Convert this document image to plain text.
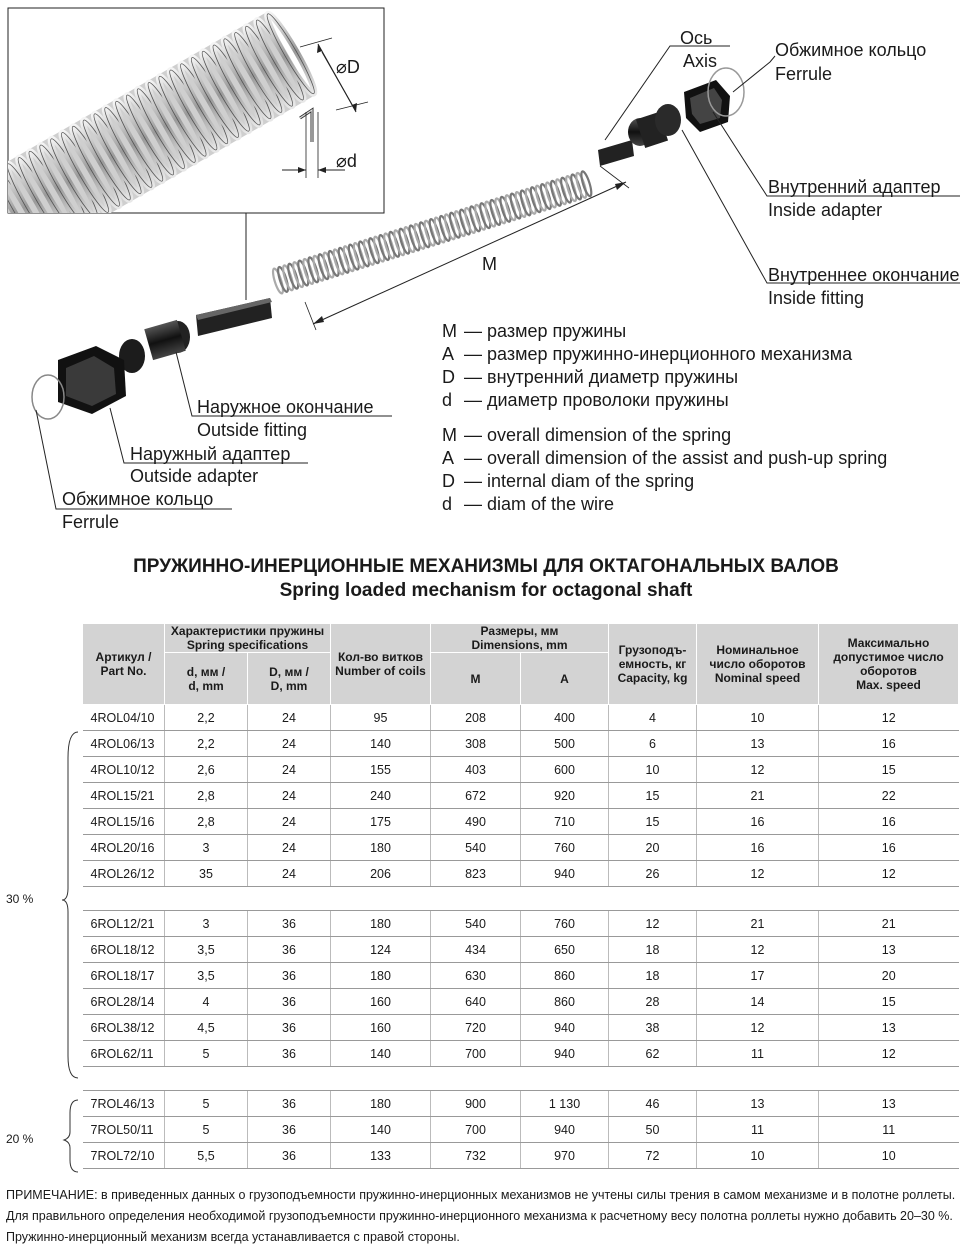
Ось
Axis
Обжимное кольцо
Ferrule
Внутренний адаптер
Inside adapter
Внутреннее окончание
Inside fitting
Наружное окончание
Outside fitting
Наружный адаптер
Outside adapter
Обжимное кольцо
Ferrule
⌀D
⌀d
M
M — размер пружины
A — размер пружинно-инерционного механизма
D — внутренний диаметр пружины
d — диаметр проволоки пружины
M — overall dimension of the spring
A — overall dimension of the assist and push-up spring
D — internal diam of the spring
d — diam of the wire
ПРУЖИННО-ИНЕРЦИОННЫЕ МЕХАНИЗМЫ ДЛЯ ОКТАГОНАЛЬНЫХ ВАЛОВ
Spring loaded mechanism for octagonal shaft
Артикул /
Part No.	Характеристики пружины
Spring specifications		Кол-во витков
Number of coils	Размеры, мм
Dimensions, mm		Грузоподъ-
емность, кг
Capacity, kg	Номинальное
число оборотов
Nominal speed	Максимально
допустимое число
оборотов
Max. speed
	d, мм /
d, mm	D, мм /
D, mm		M	A			
4ROL04/10	2,2	24	95	208	400	4	10	12
4ROL06/13	2,2	24	140	308	500	6	13	16
4ROL10/12	2,6	24	155	403	600	10	12	15
4ROL15/21	2,8	24	240	672	920	15	21	22
4ROL15/16	2,8	24	175	490	710	15	16	16
4ROL20/16	3	24	180	540	760	20	16	16
4ROL26/12	35	24	206	823	940	26	12	12

6ROL12/21	3	36	180	540	760	12	21	21
6ROL18/12	3,5	36	124	434	650	18	12	13
6ROL18/17	3,5	36	180	630	860	18	17	20
6ROL28/14	4	36	160	640	860	28	14	15
6ROL38/12	4,5	36	160	720	940	38	12	13
6ROL62/11	5	36	140	700	940	62	11	12

7ROL46/13	5	36	180	900	1 130	46	13	13
7ROL50/11	5	36	140	700	940	50	11	11
7ROL72/10	5,5	36	133	732	970	72	10	10
30 %
20 %
ПРИМЕЧАНИЕ: в приведенных данных о грузоподъемности пружинно-инерционных механизмов не учтены силы трения в самом механизме и в полотне роллеты. Для правильного определения необходимой грузоподъемности пружинно-инерционного механизма к расчетному весу полотна роллеты нужно добавить 20–30 %. Пружинно-инерционный механизм всегда устанавливается с правой стороны.
